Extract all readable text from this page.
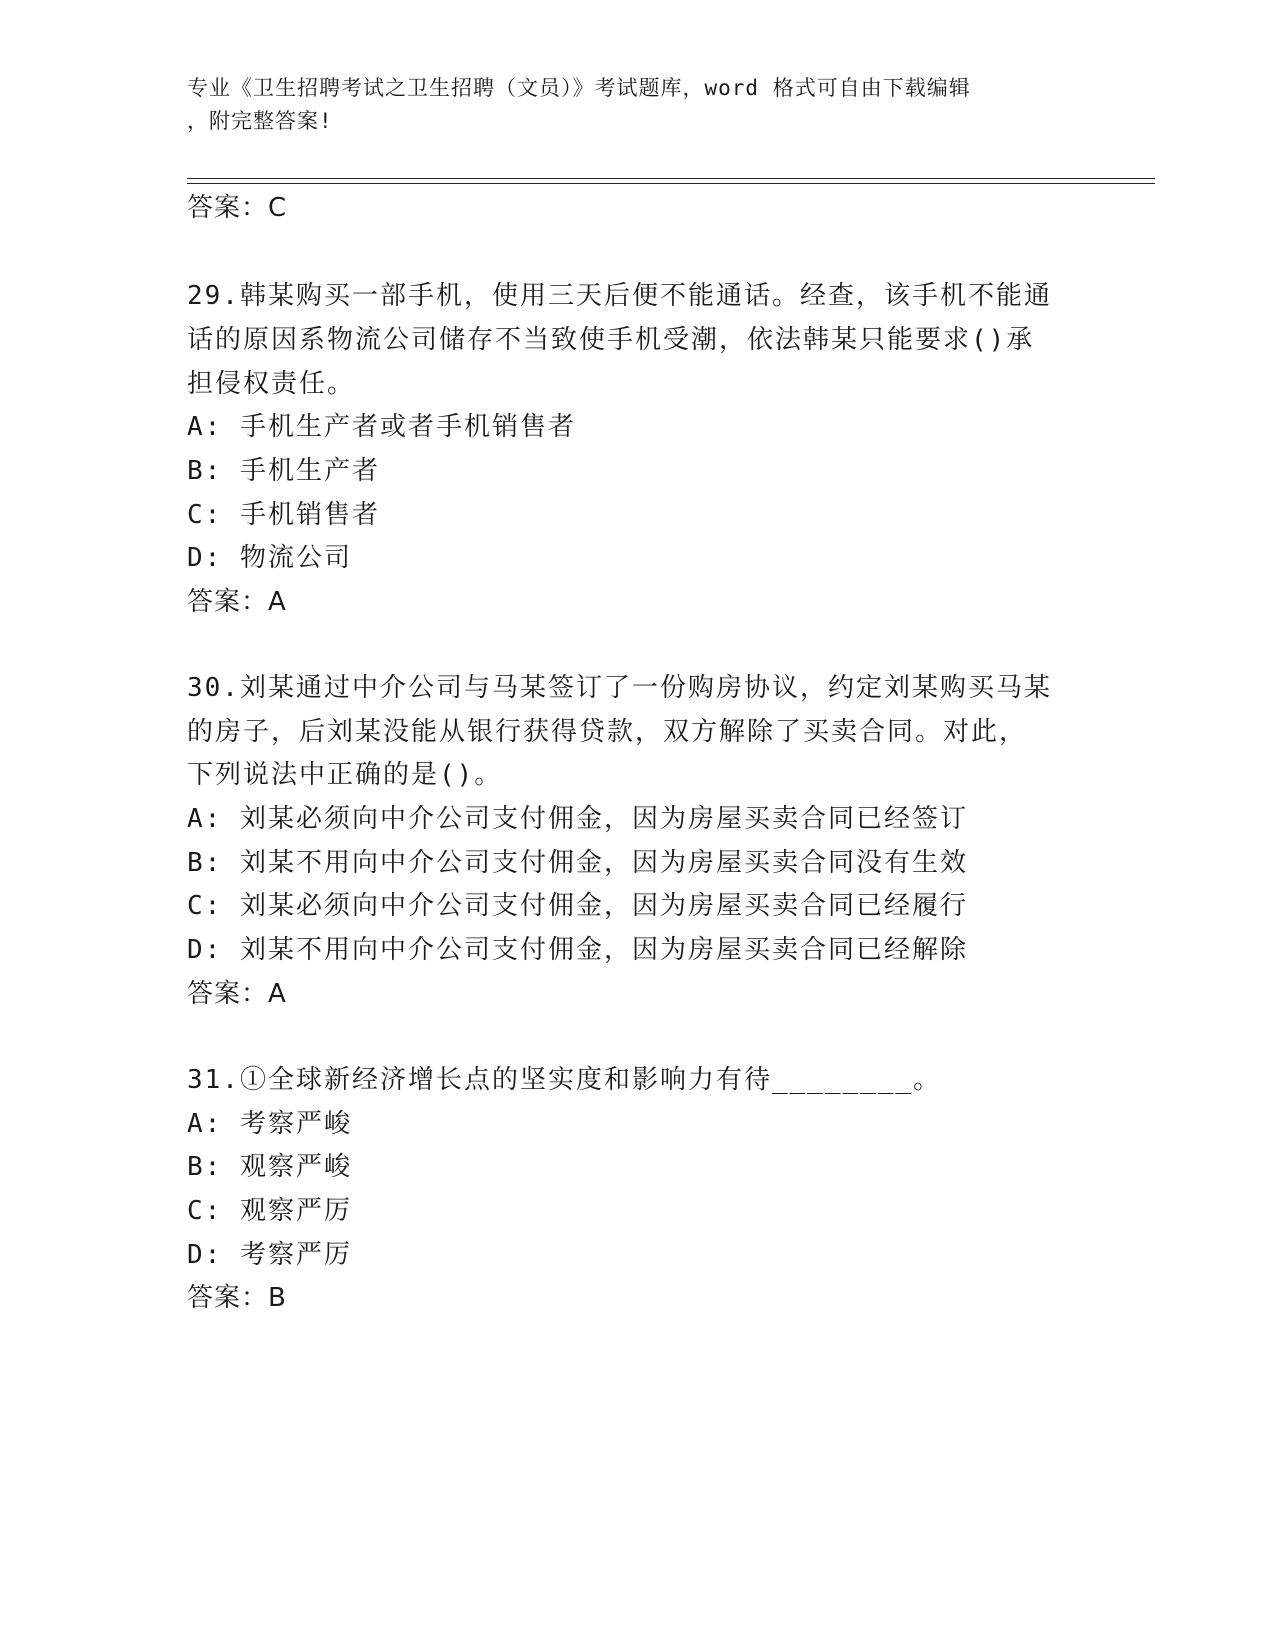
专业《卫生招聘考试之卫生招聘（文员）》考试题库，word 格式可自由下载编辑
，附完整答案!
答案：C
29.韩某购买一部手机，使用三天后便不能通话。经查，该手机不能通
话的原因系物流公司储存不当致使手机受潮，依法韩某只能要求()承
担侵权责任。
A: 手机生产者或者手机销售者
B: 手机生产者
C: 手机销售者
D: 物流公司
答案：A
30.刘某通过中介公司与马某签订了一份购房协议，约定刘某购买马某
的房子，后刘某没能从银行获得贷款，双方解除了买卖合同。对此，
下列说法中正确的是()。
A: 刘某必须向中介公司支付佣金，因为房屋买卖合同已经签订
B: 刘某不用向中介公司支付佣金，因为房屋买卖合同没有生效
C: 刘某必须向中介公司支付佣金，因为房屋买卖合同已经履行
D: 刘某不用向中介公司支付佣金，因为房屋买卖合同已经解除
答案：A
31.①全球新经济增长点的坚实度和影响力有待________。
A: 考察严峻
B: 观察严峻
C: 观察严厉
D: 考察严厉
答案：B
